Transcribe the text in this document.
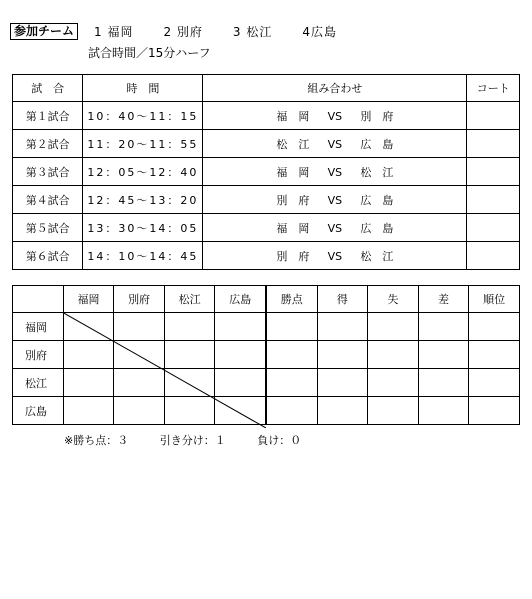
参加チーム	1 福岡	2 別府	3 松江	4広島
試合時間／15分ハーフ
試　合	時　間	組み合わせ	コート
第１試合	10：40〜11：15	福　岡 VS 別　府	
第２試合	11：20〜11：55	松　江 VS 広　島	
第３試合	12：05〜12：40	福　岡 VS 松　江	
第４試合	12：45〜13：20	別　府 VS 広　島	
第５試合	13：30〜14：05	福　岡 VS 広　島	
第６試合	14：10〜14：45	別　府 VS 松　江	
	福岡	別府	松江	広島	勝点	得	失	差	順位
福岡									
別府									
松江									
広島									
※勝ち点：３	引き分け：１	負け：０
